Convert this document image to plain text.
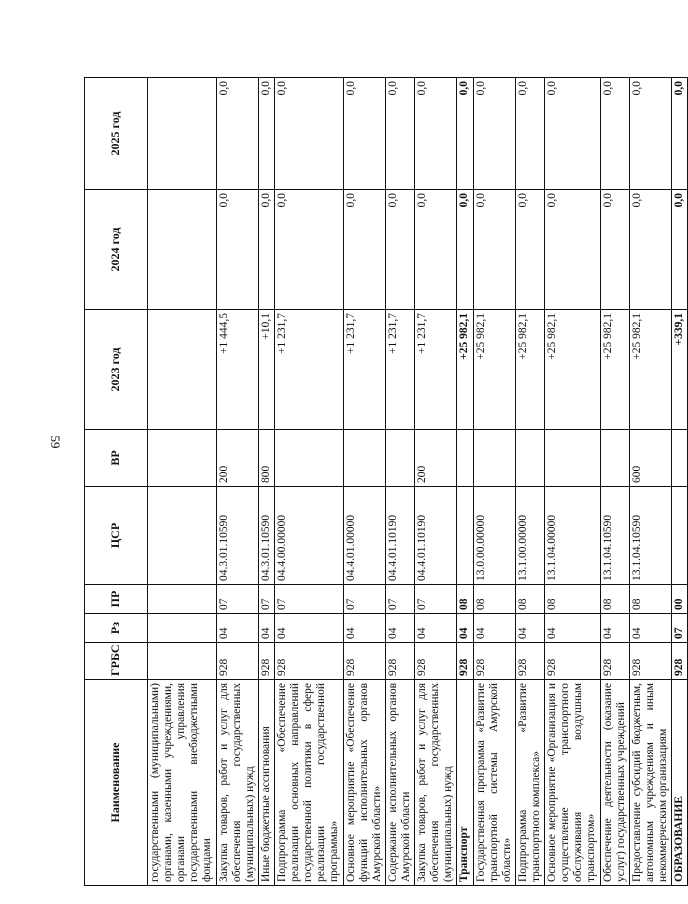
59
Наименование	ГРБС	Рз	ПР	ЦСР	ВР	2023 год	2024 год	2025 год
государственными (муниципальными) органами, казенными учреждениями, органами управления государственными внебюджетными фондами								
Закупка товаров, работ и услуг для обеспечения государственных (муниципальных) нужд	928	04	07	04.3.01.10590	200	+1 444,5	0,0	0,0
Иные бюджетные ассигнования	928	04	07	04.3.01.10590	800	+10,1	0,0	0,0
Подпрограмма «Обеспечение реализации основных направлений государственной политики в сфере реализации государственной программы»	928	04	07	04.4.00.00000		+1 231,7	0,0	0,0
Основное мероприятие «Обеспечение функций исполнительных органов Амурской области»	928	04	07	04.4.01.00000		+1 231,7	0,0	0,0
Содержание исполнительных органов Амурской области	928	04	07	04.4.01.10190		+1 231,7	0,0	0,0
Закупка товаров, работ и услуг для обеспечения государственных (муниципальных) нужд	928	04	07	04.4.01.10190	200	+1 231,7	0,0	0,0
Транспорт	928	04	08			+25 982,1	0,0	0,0
Государственная программа «Развитие транспортной системы Амурской области»	928	04	08	13.0.00.00000		+25 982,1	0,0	0,0
Подпрограмма «Развитие транспортного комплекса»	928	04	08	13.1.00.00000		+25 982,1	0,0	0,0
Основное мероприятие «Организация и осуществление транспортного обслуживания воздушным транспортом»	928	04	08	13.1.04.00000		+25 982,1	0,0	0,0
Обеспечение деятельности (оказание услуг) государственных учреждений	928	04	08	13.1.04.10590		+25 982,1	0,0	0,0
Предоставление субсидий бюджетным, автономным учреждениям и иным некоммерческим организациям	928	04	08	13.1.04.10590	600	+25 982,1	0,0	0,0
ОБРАЗОВАНИЕ	928	07	00			+339,1	0,0	0,0
